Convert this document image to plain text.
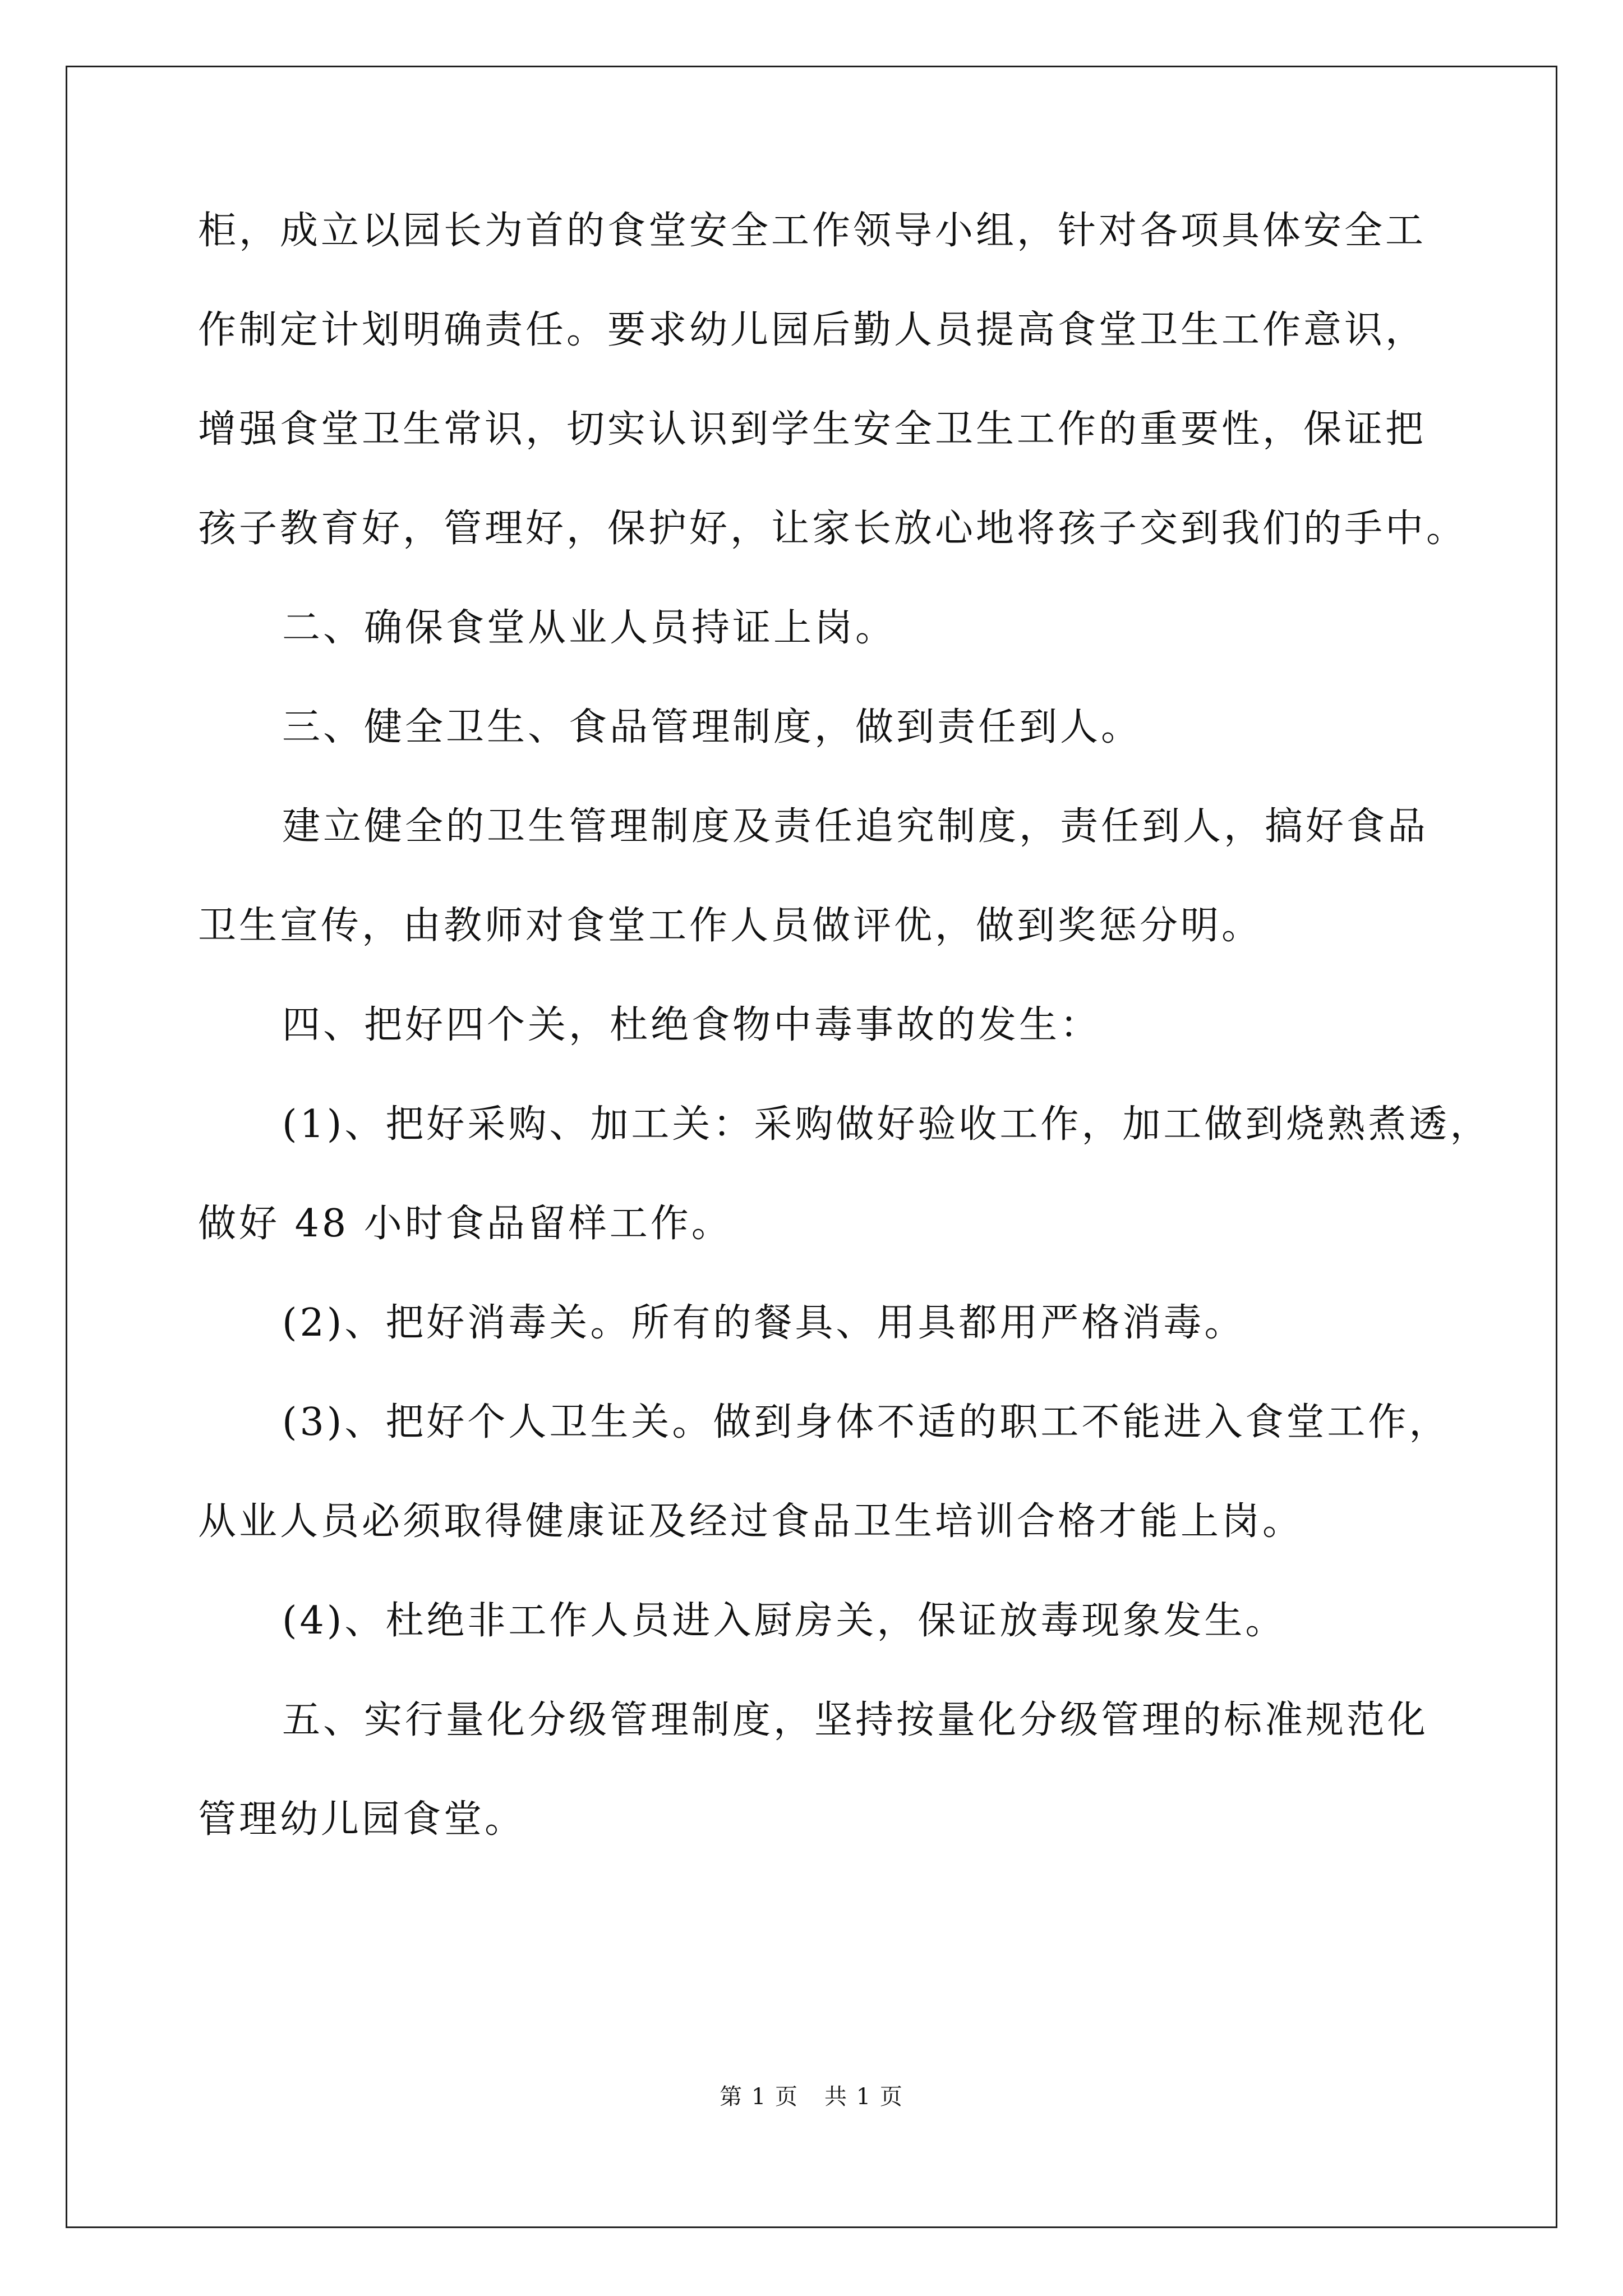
柜，成立以园长为首的食堂安全工作领导小组，针对各项具体安全工
作制定计划明确责任。要求幼儿园后勤人员提高食堂卫生工作意识，
增强食堂卫生常识，切实认识到学生安全卫生工作的重要性，保证把
孩子教育好，管理好，保护好，让家长放心地将孩子交到我们的手中。
二、确保食堂从业人员持证上岗。
三、健全卫生、食品管理制度，做到责任到人。
建立健全的卫生管理制度及责任追究制度，责任到人，搞好食品
卫生宣传，由教师对食堂工作人员做评优，做到奖惩分明。
四、把好四个关，杜绝食物中毒事故的发生：
(1)、把好采购、加工关：采购做好验收工作，加工做到烧熟煮透，
做好 48 小时食品留样工作。
(2)、把好消毒关。所有的餐具、用具都用严格消毒。
(3)、把好个人卫生关。做到身体不适的职工不能进入食堂工作，
从业人员必须取得健康证及经过食品卫生培训合格才能上岗。
(4)、杜绝非工作人员进入厨房关，保证放毒现象发生。
五、实行量化分级管理制度，坚持按量化分级管理的标准规范化
管理幼儿园食堂。
第 1 页 共 1 页
